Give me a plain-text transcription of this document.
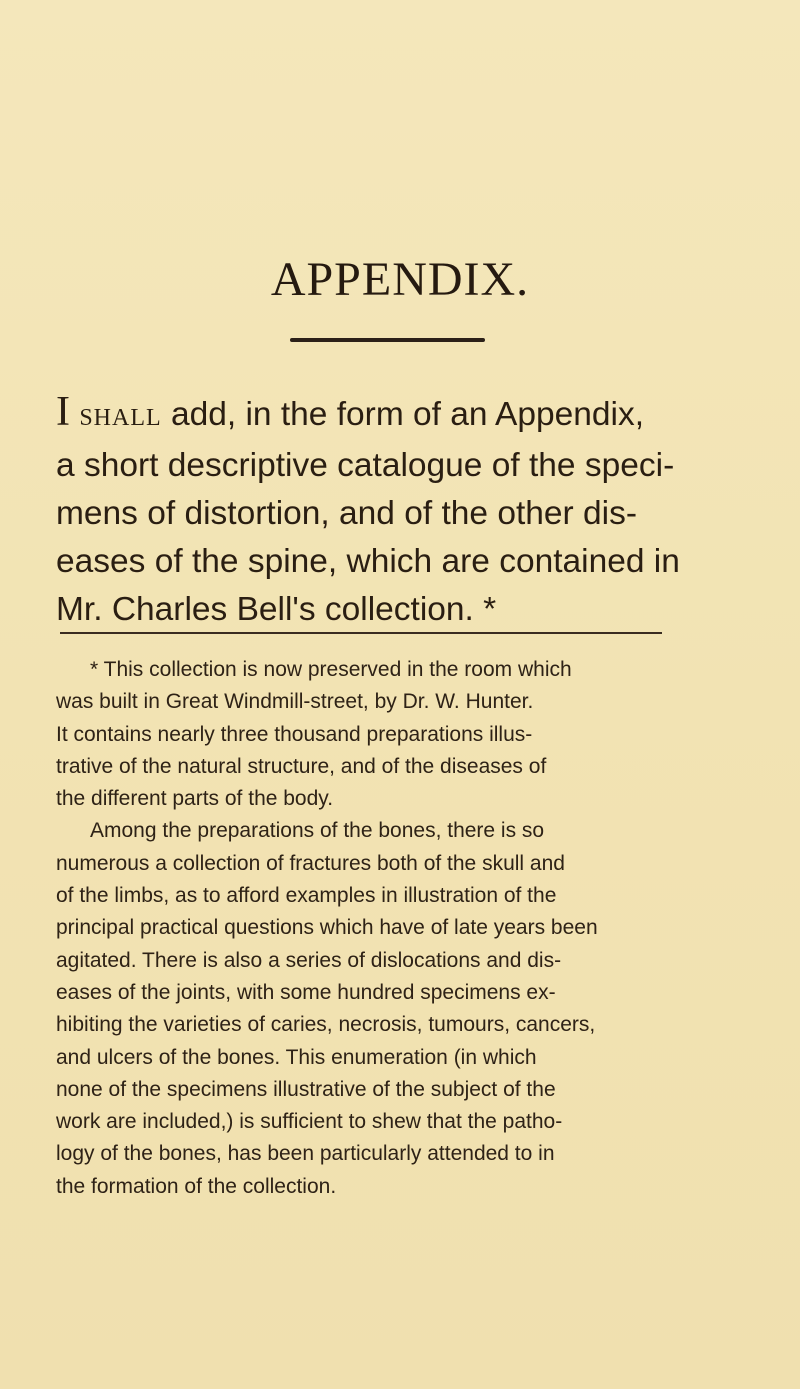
APPENDIX.
I SHALL add, in the form of an Appendix,
a short descriptive catalogue of the speci-
mens of distortion, and of the other dis-
eases of the spine, which are contained in
Mr. Charles Bell's collection. *
* This collection is now preserved in the room which
was built in Great Windmill-street, by Dr. W. Hunter.
It contains nearly three thousand preparations illus-
trative of the natural structure, and of the diseases of
the different parts of the body.
Among the preparations of the bones, there is so
numerous a collection of fractures both of the skull and
of the limbs, as to afford examples in illustration of the
principal practical questions which have of late years been
agitated. There is also a series of dislocations and dis-
eases of the joints, with some hundred specimens ex-
hibiting the varieties of caries, necrosis, tumours, cancers,
and ulcers of the bones. This enumeration (in which
none of the specimens illustrative of the subject of the
work are included,) is sufficient to shew that the patho-
logy of the bones, has been particularly attended to in
the formation of the collection.
